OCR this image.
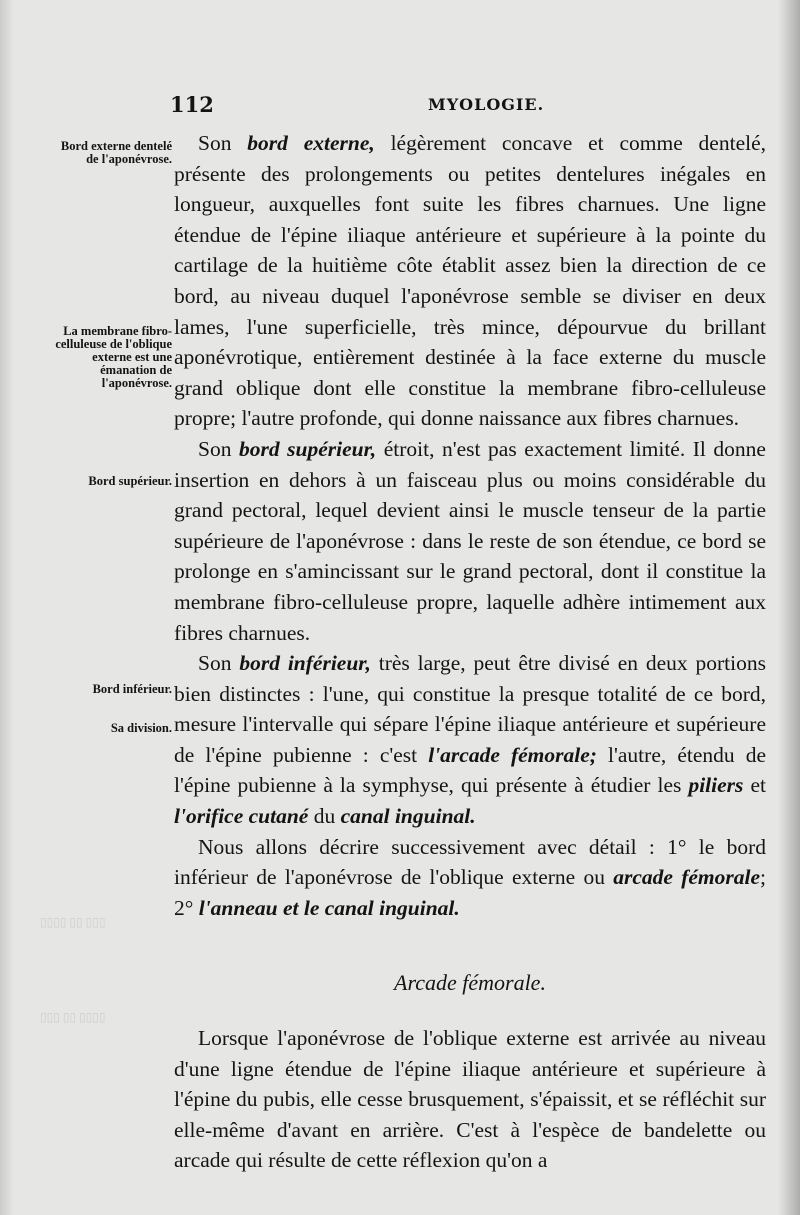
▯▯▯ ▯▯ ▯▯▯▯
▯▯▯▯ ▯▯ ▯▯▯
112	MYOLOGIE.
Bord externe dentelé de l'aponévrose.
La membrane fibro-celluleuse de l'oblique externe est une émanation de l'aponévrose.
Bord supérieur.
Bord inférieur.
Sa division.

Son bord externe, légèrement concave et comme dentelé, présente des prolongements ou petites dentelures inégales en longueur, auxquelles font suite les fibres charnues. Une ligne étendue de l'épine iliaque antérieure et supérieure à la pointe du cartilage de la huitième côte établit assez bien la direction de ce bord, au niveau duquel l'aponévrose semble se diviser en deux lames, l'une superficielle, très mince, dépourvue du brillant aponévrotique, entièrement destinée à la face externe du muscle grand oblique dont elle constitue la membrane fibro-celluleuse propre; l'autre profonde, qui donne naissance aux fibres charnues.

Son bord supérieur, étroit, n'est pas exactement limité. Il donne insertion en dehors à un faisceau plus ou moins considérable du grand pectoral, lequel devient ainsi le muscle tenseur de la partie supérieure de l'aponévrose : dans le reste de son étendue, ce bord se prolonge en s'amincissant sur le grand pectoral, dont il constitue la membrane fibro-celluleuse propre, laquelle adhère intimement aux fibres charnues.

Son bord inférieur, très large, peut être divisé en deux portions bien distinctes : l'une, qui constitue la presque totalité de ce bord, mesure l'intervalle qui sépare l'épine iliaque antérieure et supérieure de l'épine pubienne : c'est l'arcade fémorale; l'autre, étendu de l'épine pubienne à la symphyse, qui présente à étudier les piliers et l'orifice cutané du canal inguinal.

Nous allons décrire successivement avec détail : 1° le bord inférieur de l'aponévrose de l'oblique externe ou arcade fémorale; 2° l'anneau et le canal inguinal.

Arcade fémorale.

Lorsque l'aponévrose de l'oblique externe est arrivée au niveau d'une ligne étendue de l'épine iliaque antérieure et supérieure à l'épine du pubis, elle cesse brusquement, s'épaissit, et se réfléchit sur elle-même d'avant en arrière. C'est à l'espèce de bandelette ou arcade qui résulte de cette réflexion qu'on a
